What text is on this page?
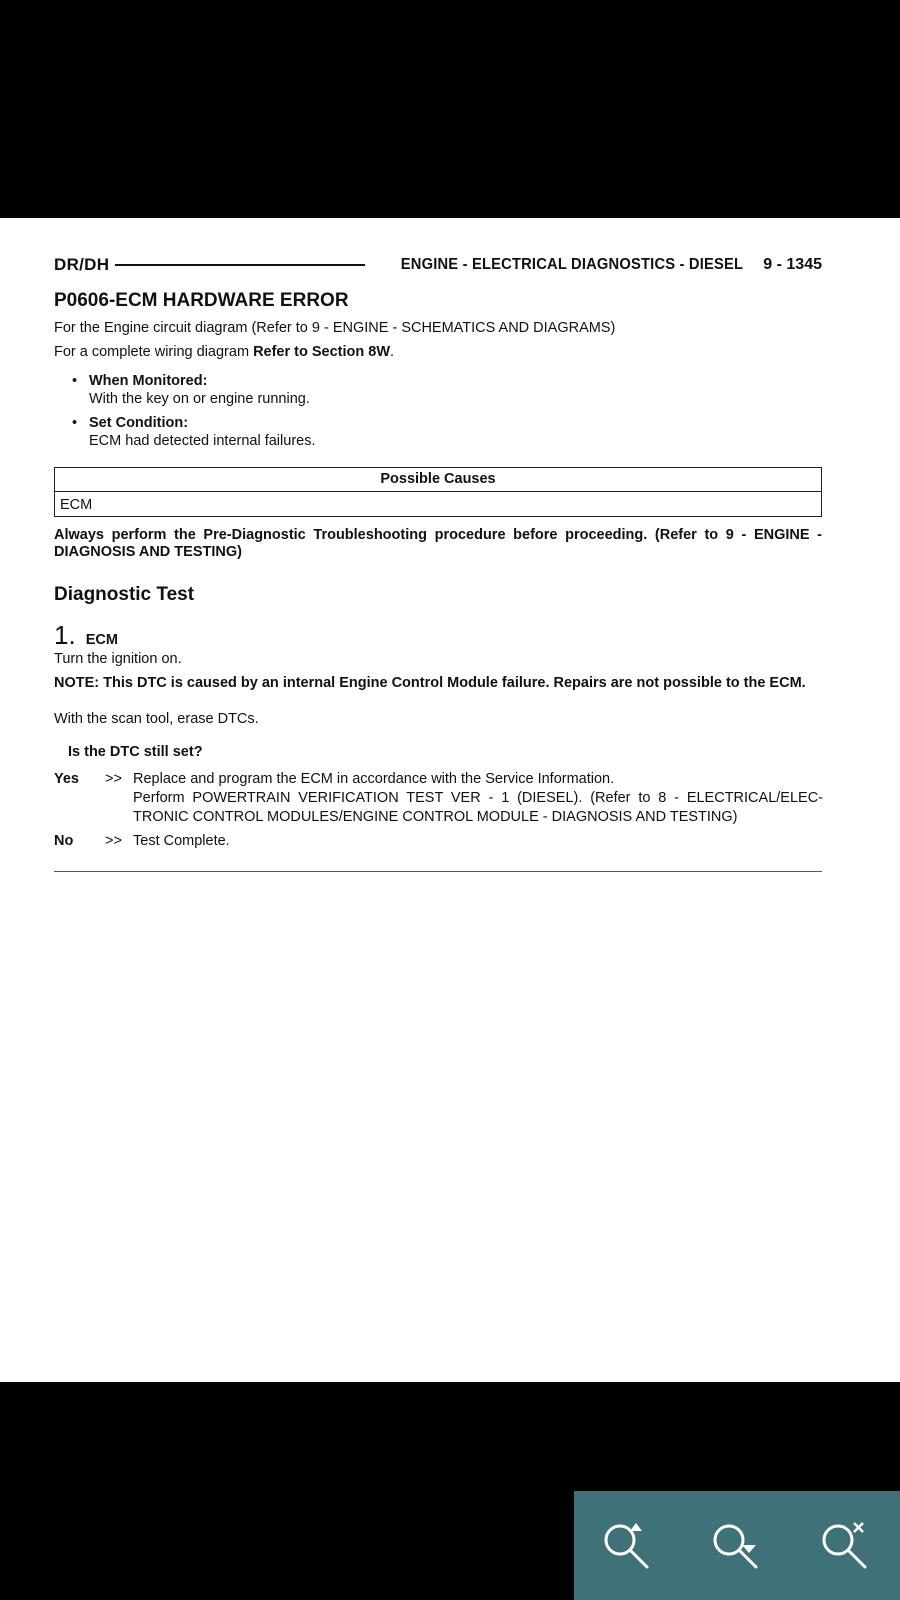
DR/DH	ENGINE - ELECTRICAL DIAGNOSTICS - DIESEL 9 - 1345
P0606-ECM HARDWARE ERROR
For the Engine circuit diagram (Refer to 9 - ENGINE - SCHEMATICS AND DIAGRAMS)
For a complete wiring diagram Refer to Section 8W.
• When Monitored:
With the key on or engine running.
• Set Condition:
ECM had detected internal failures.
Possible Causes
ECM
Always perform the Pre-Diagnostic Troubleshooting procedure before proceeding. (Refer to 9 - ENGINE - DIAGNOSIS AND TESTING)
Diagnostic Test
1. ECM
Turn the ignition on.
NOTE: This DTC is caused by an internal Engine Control Module failure. Repairs are not possible to the ECM.
With the scan tool, erase DTCs.
Is the DTC still set?
Yes >> Replace and program the ECM in accordance with the Service Information.
Perform POWERTRAIN VERIFICATION TEST VER - 1 (DIESEL). (Refer to 8 - ELECTRICAL/ELEC- TRONIC CONTROL MODULES/ENGINE CONTROL MODULE - DIAGNOSIS AND TESTING)
No >> Test Complete.
